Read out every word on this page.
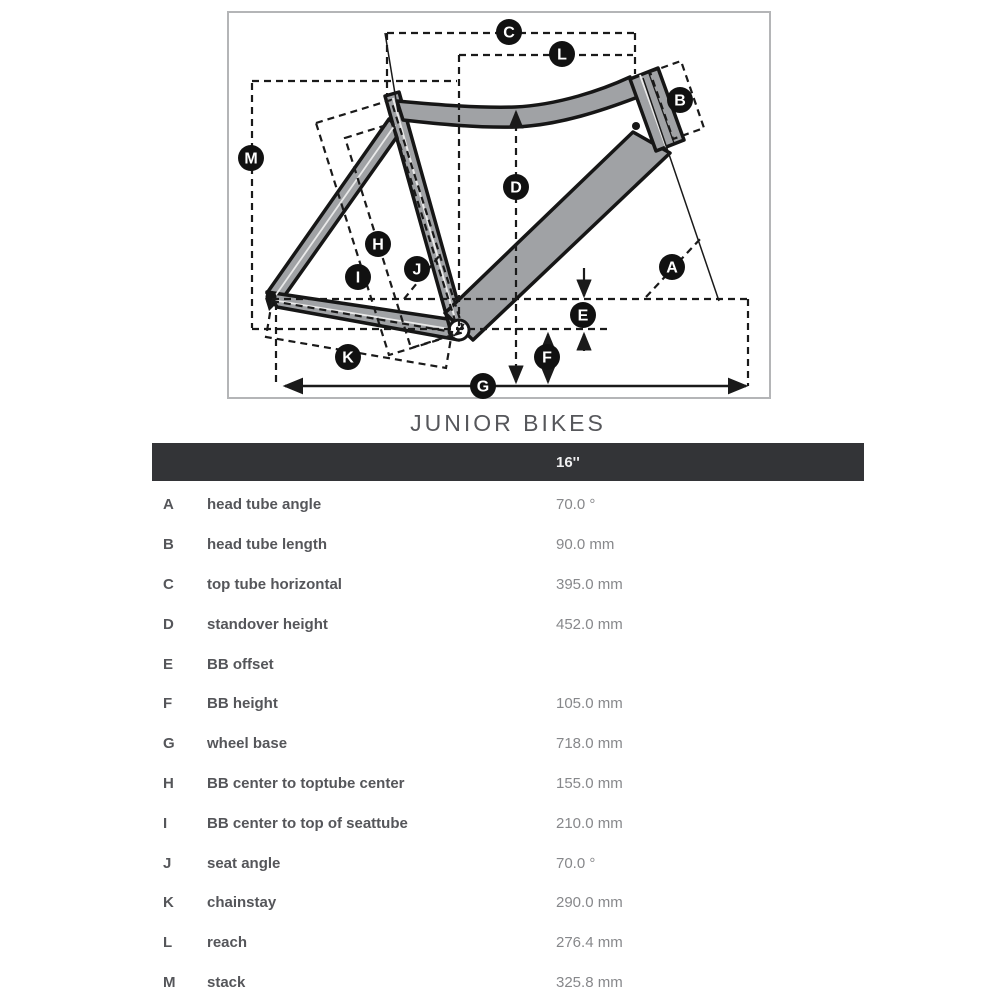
A
B
C
D
E
F
G
H
I	J
K
L
M
JUNIOR BIKES
16''
A	head tube angle	70.0 °
B	head tube length	90.0 mm
C	top tube horizontal	395.0 mm
D	standover height	452.0 mm
E	BB offset
F	BB height	105.0 mm
G	wheel base	718.0 mm
H	BB center to toptube center	155.0 mm
I	BB center to top of seattube	210.0 mm
J	seat angle	70.0 °
K	chainstay	290.0 mm
L	reach	276.4 mm
M	stack	325.8 mm
